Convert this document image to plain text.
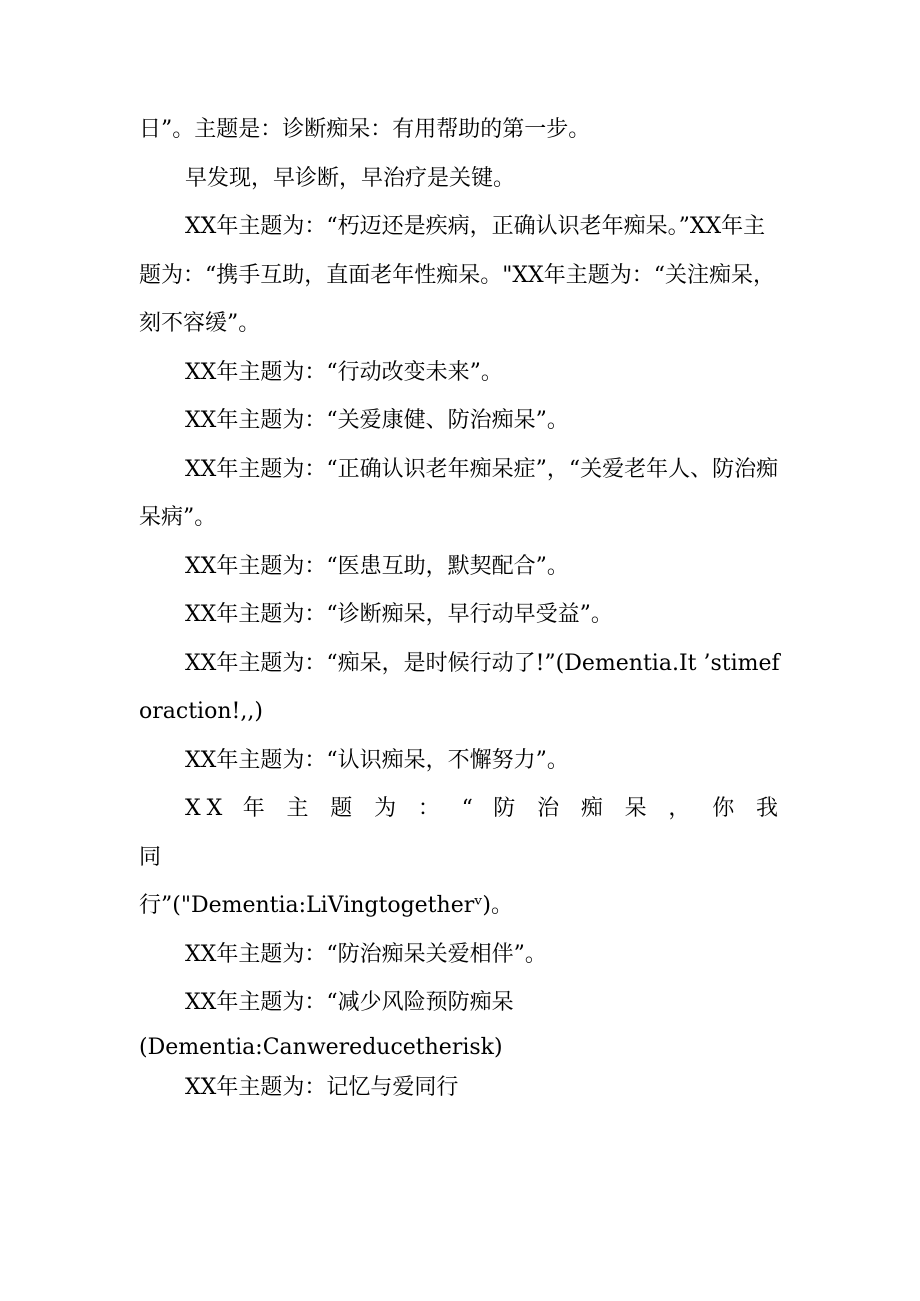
日”。主题是：诊断痴呆：有用帮助的第一步。

早发现，早诊断，早治疗是关键。

XX年主题为：“朽迈还是疾病，正确认识老年痴呆。”XX年主题为：“携手互助，直面老年性痴呆。"XX年主题为：“关注痴呆，刻不容缓”。

XX年主题为：“行动改变未来”。

XX年主题为：“关爱康健、防治痴呆”。

XX年主题为：“正确认识老年痴呆症”，“关爱老年人、防治痴呆病”。

XX年主题为：“医患互助，默契配合”。

XX年主题为：“诊断痴呆，早行动早受益”。

XX年主题为：“痴呆，是时候行动了!”(Dementia.It ’stimeforaction!,,)

XX年主题为：“认识痴呆，不懈努力”。

XX 年 主 题 为 ： “ 防 治 痴 呆 ， 你 我 同

行”("Dementia:LiVingtogetherᵛ)。

XX年主题为：“防治痴呆关爱相伴”。

XX年主题为：“减少风险预防痴呆

(Dementia:Canwereducetherisk)

XX年主题为：记忆与爱同行
